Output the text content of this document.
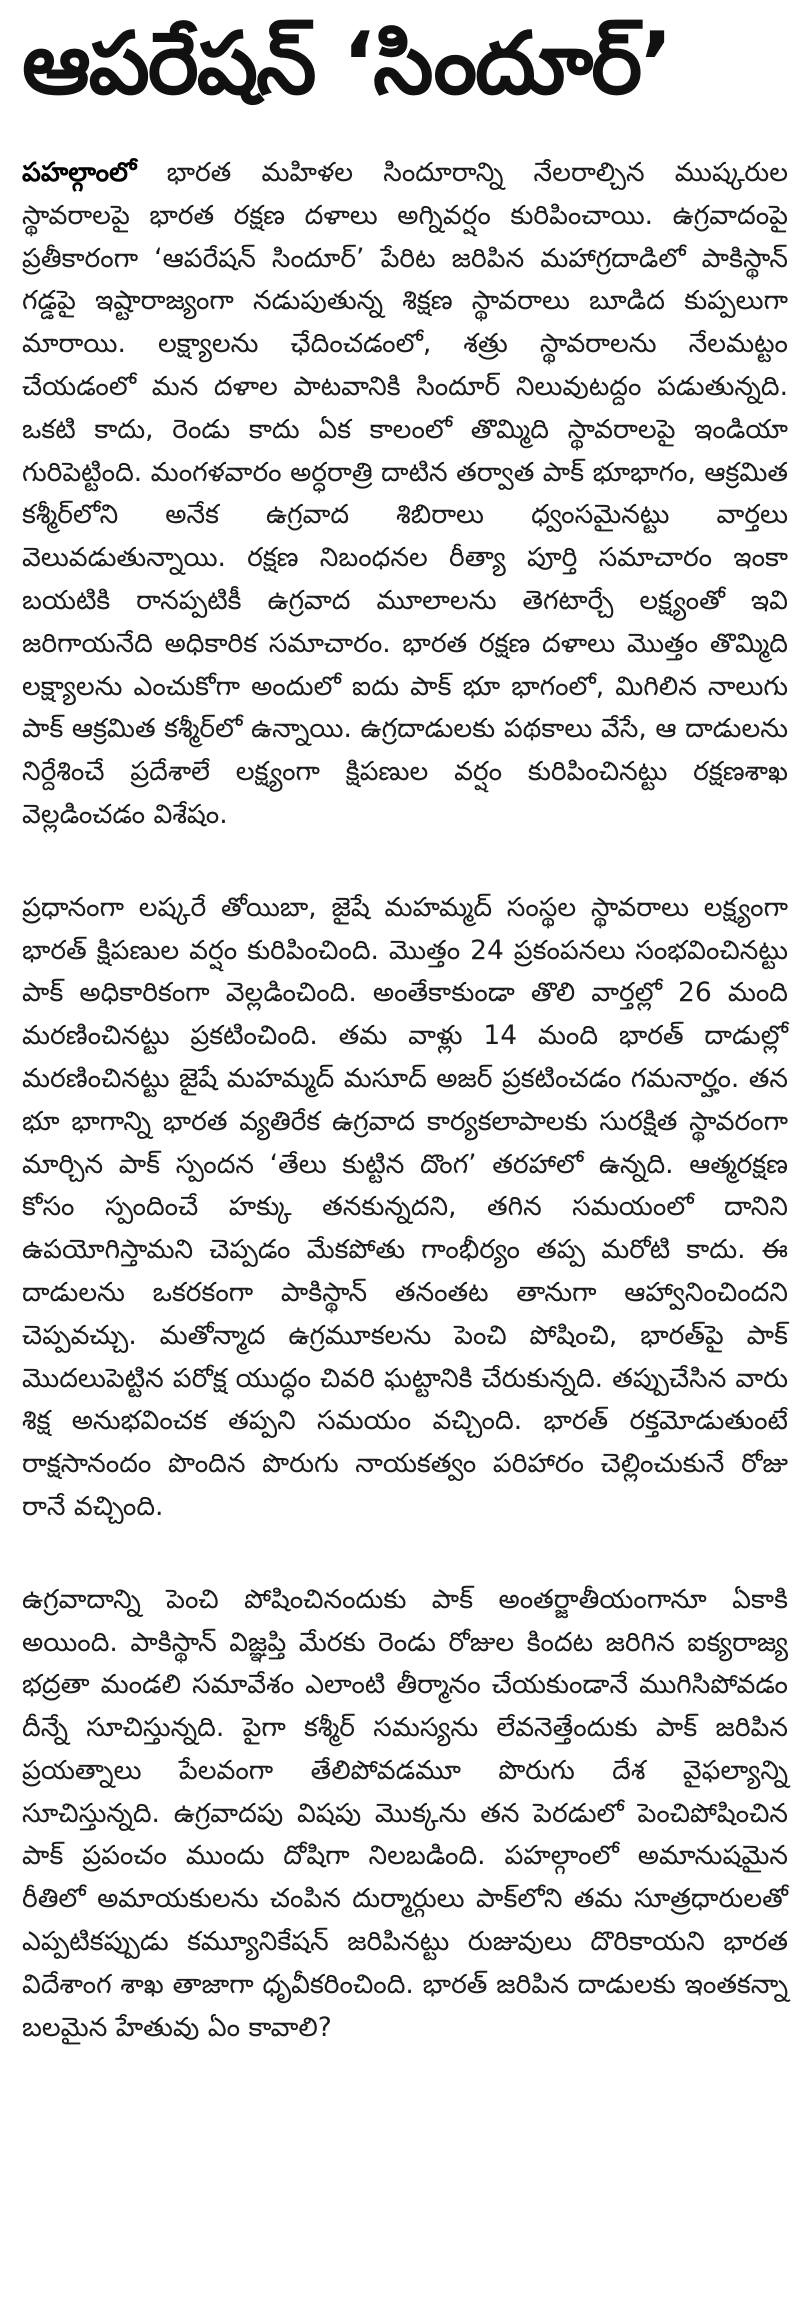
ఆపరేషన్ ‘సిందూర్’

పహల్గాంలో భారత మహిళల సిందూరాన్ని నేలరాల్చిన ముష్కరుల స్థావరాలపై భారత రక్షణ దళాలు అగ్నివర్షం కురిపించాయి. ఉగ్రవాదంపై ప్రతీకారంగా ‘ఆపరేషన్ సిందూర్’ పేరిట జరిపిన మహాగ్రదాడిలో పాకిస్థాన్ గడ్డపై ఇష్టారాజ్యంగా నడుపుతున్న శిక్షణ స్థావరాలు బూడిద కుప్పలుగా మారాయి. లక్ష్యాలను ఛేదించడంలో, శత్రు స్థావరాలను నేలమట్టం చేయడంలో మన దళాల పాటవానికి సిందూర్ నిలువుటద్దం పడుతున్నది. ఒకటి కాదు, రెండు కాదు ఏక కాలంలో తొమ్మిది స్థావరాలపై ఇండియా గురిపెట్టింది. మంగళవారం అర్ధరాత్రి దాటిన తర్వాత పాక్ భూభాగం, ఆక్రమిత కశ్మీర్‌లోని అనేక ఉగ్రవాద శిబిరాలు ధ్వంసమైనట్టు వార్తలు వెలువడుతున్నాయి. రక్షణ నిబంధనల రీత్యా పూర్తి సమాచారం ఇంకా బయటికి రానప్పటికీ ఉగ్రవాద మూలాలను తెగటార్చే లక్ష్యంతో ఇవి జరిగాయనేది అధికారిక సమాచారం. భారత రక్షణ దళాలు మొత్తం తొమ్మిది లక్ష్యాలను ఎంచుకోగా అందులో ఐదు పాక్ భూ భాగంలో, మిగిలిన నాలుగు పాక్ ఆక్రమిత కశ్మీర్‌లో ఉన్నాయి. ఉగ్రదాడులకు పథకాలు వేసే, ఆ దాడులను నిర్దేశించే ప్రదేశాలే లక్ష్యంగా క్షిపణుల వర్షం కురిపించినట్టు రక్షణశాఖ వెల్లడించడం విశేషం.

ప్రధానంగా లష్కరే తోయిబా, జైషే మహమ్మద్ సంస్థల స్థావరాలు లక్ష్యంగా భారత్ క్షిపణుల వర్షం కురిపించింది. మొత్తం 24 ప్రకంపనలు సంభవించినట్టు పాక్ అధికారికంగా వెల్లడించింది. అంతేకాకుండా తొలి వార్తల్లో 26 మంది మరణించినట్టు ప్రకటించింది. తమ వాళ్లు 14 మంది భారత్ దాడుల్లో మరణించినట్టు జైషే మహమ్మద్ మసూద్ అజర్ ప్రకటించడం గమనార్హం. తన భూ భాగాన్ని భారత వ్యతిరేక ఉగ్రవాద కార్యకలాపాలకు సురక్షిత స్థావరంగా మార్చిన పాక్ స్పందన ‘తేలు కుట్టిన దొంగ’ తరహాలో ఉన్నది. ఆత్మరక్షణ కోసం స్పందించే హక్కు తనకున్నదని, తగిన సమయంలో దానిని ఉపయోగిస్తామని చెప్పడం మేకపోతు గాంభీర్యం తప్ప మరోటి కాదు. ఈ దాడులను ఒకరకంగా పాకిస్థాన్ తనంతట తానుగా ఆహ్వానించిందని చెప్పవచ్చు. మతోన్మాద ఉగ్రమూకలను పెంచి పోషించి, భారత్‌పై పాక్ మొదలుపెట్టిన పరోక్ష యుద్ధం చివరి ఘట్టానికి చేరుకున్నది. తప్పుచేసిన వారు శిక్ష అనుభవించక తప్పని సమయం వచ్చింది. భారత్ రక్తమోడుతుంటే రాక్షసానందం పొందిన పొరుగు నాయకత్వం పరిహారం చెల్లించుకునే రోజు రానే వచ్చింది.

ఉగ్రవాదాన్ని పెంచి పోషించినందుకు పాక్ అంతర్జాతీయంగానూ ఏకాకి అయింది. పాకిస్థాన్ విజ్ఞప్తి మేరకు రెండు రోజుల కిందట జరిగిన ఐక్యరాజ్య భద్రతా మండలి సమావేశం ఎలాంటి తీర్మానం చేయకుండానే ముగిసిపోవడం దీన్నే సూచిస్తున్నది. పైగా కశ్మీర్ సమస్యను లేవనెత్తేందుకు పాక్ జరిపిన ప్రయత్నాలు పేలవంగా తేలిపోవడమూ పొరుగు దేశ వైఫల్యాన్ని సూచిస్తున్నది. ఉగ్రవాదపు విషపు మొక్కను తన పెరడులో పెంచిపోషించిన పాక్ ప్రపంచం ముందు దోషిగా నిలబడింది. పహల్గాంలో అమానుషమైన రీతిలో అమాయకులను చంపిన దుర్మార్గులు పాక్‌లోని తమ సూత్రధారులతో ఎప్పటికప్పుడు కమ్యూనికేషన్ జరిపినట్టు రుజువులు దొరికాయని భారత విదేశాంగ శాఖ తాజాగా ధృవీకరించింది. భారత్ జరిపిన దాడులకు ఇంతకన్నా బలమైన హేతువు ఏం కావాలి?
